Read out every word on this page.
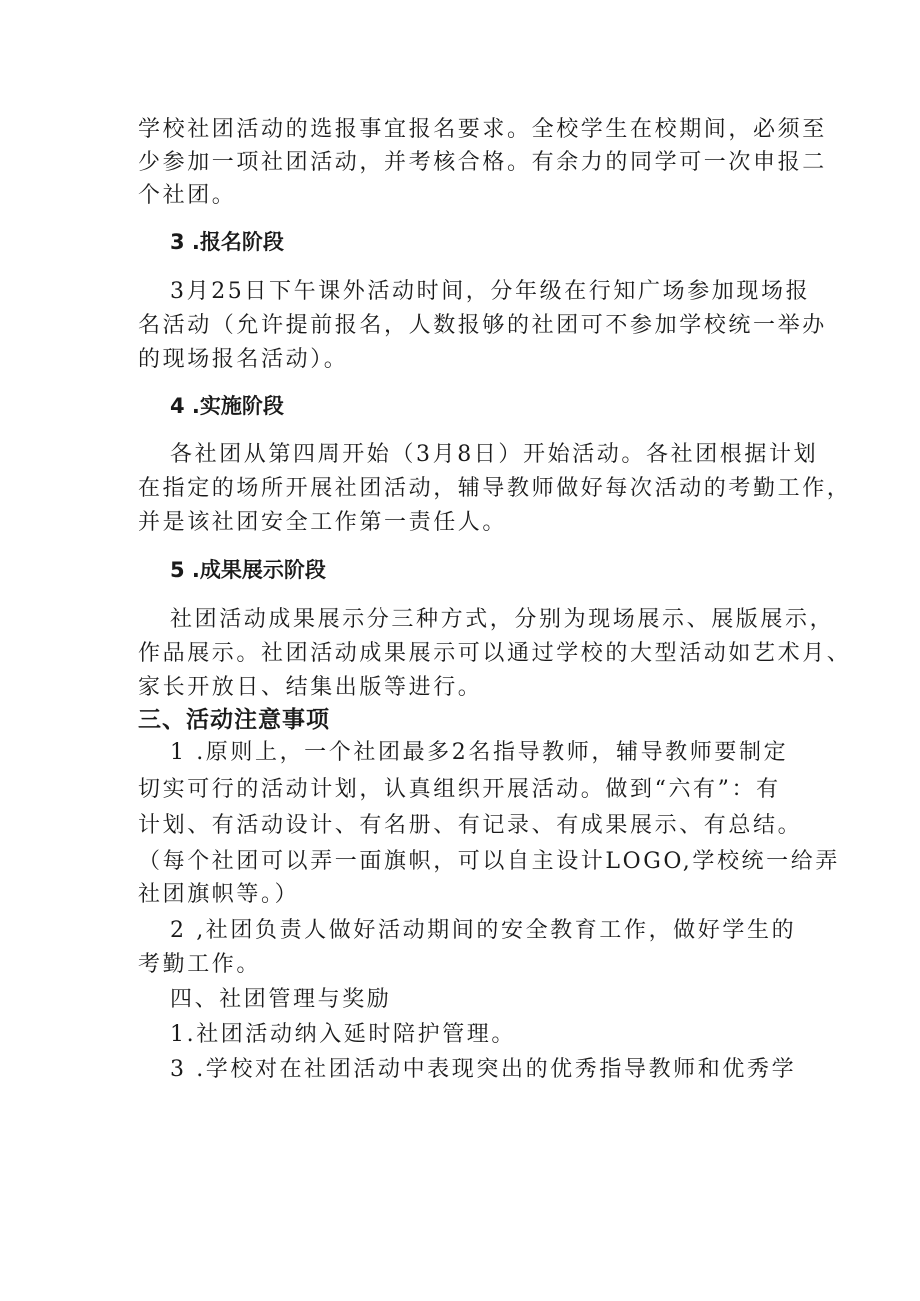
学校社团活动的选报事宜报名要求。全校学生在校期间，必须至

少参加一项社团活动，并考核合格。有余力的同学可一次申报二

个社团。

3 .报名阶段

3月25日下午课外活动时间，分年级在行知广场参加现场报

名活动（允许提前报名，人数报够的社团可不参加学校统一举办

的现场报名活动）。

4 .实施阶段

各社团从第四周开始（3月8日）开始活动。各社团根据计划

在指定的场所开展社团活动，辅导教师做好每次活动的考勤工作，

并是该社团安全工作第一责任人。

5 .成果展示阶段

社团活动成果展示分三种方式，分别为现场展示、展版展示，

作品展示。社团活动成果展示可以通过学校的大型活动如艺术月、

家长开放日、结集出版等进行。

三、活动注意事项

1 .原则上，一个社团最多2名指导教师，辅导教师要制定

切实可行的活动计划，认真组织开展活动。做到“六有”：有

计划、有活动设计、有名册、有记录、有成果展示、有总结。

（每个社团可以弄一面旗帜，可以自主设计LOGO,学校统一给弄

社团旗帜等。）

2 ,社团负责人做好活动期间的安全教育工作，做好学生的

考勤工作。

四、社团管理与奖励

1.社团活动纳入延时陪护管理。

3 .学校对在社团活动中表现突出的优秀指导教师和优秀学
